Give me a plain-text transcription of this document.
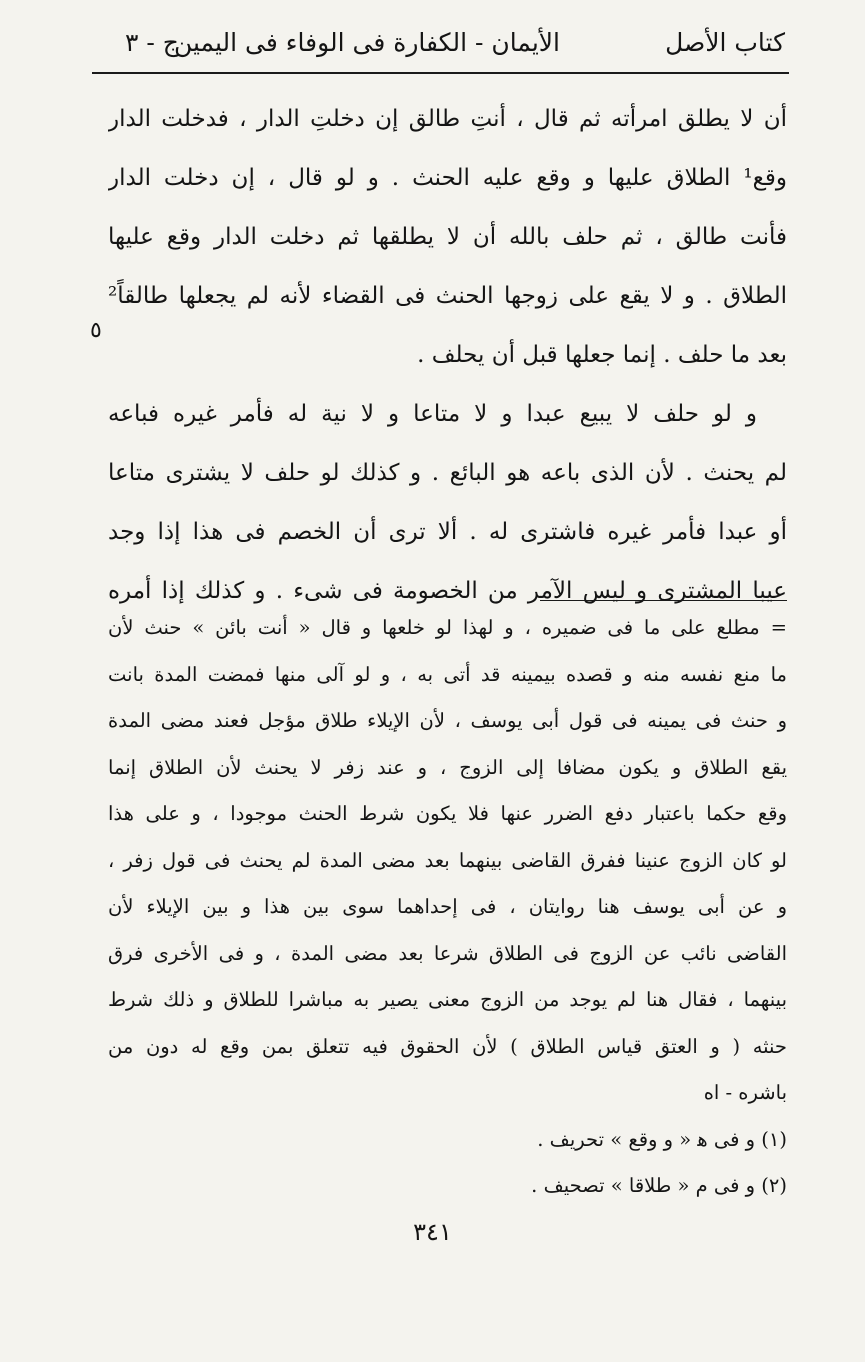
كتاب الأصل
الأيمان - الكفارة فى الوفاء فى اليمين
ج - ٣
٥
أن لا يطلق امرأته ثم قال ، أنتِ طالق إن دخلتِ الدار ، فدخلت الدار
وقع¹ الطلاق عليها و وقع عليه الحنث . و لو قال ، إن دخلت الدار
فأنت طالق ، ثم حلف بالله أن لا يطلقها ثم دخلت الدار وقع عليها
الطلاق . و لا يقع على زوجها الحنث فى القضاء لأنه لم يجعلها طالقاً²
بعد ما حلف . إنما جعلها قبل أن يحلف .
و لو حلف لا يبيع عبدا و لا متاعا و لا نية له فأمر غيره فباعه
لم يحنث . لأن الذى باعه هو البائع . و كذلك لو حلف لا يشترى متاعا
أو عبدا فأمر غيره فاشترى له . ألا ترى أن الخصم فى هذا إذا وجد
عيبا المشترى و ليس الآمر من الخصومة فى شىء . و كذلك إذا أمره
= مطلع على ما فى ضميره ، و لهذا لو خلعها و قال « أنت بائن » حنث لأن
ما منع نفسه منه و قصده بيمينه قد أتى به ، و لو آلى منها فمضت المدة بانت
و حنث فى يمينه فى قول أبى يوسف ، لأن الإيلاء طلاق مؤجل فعند مضى المدة
يقع الطلاق و يكون مضافا إلى الزوج ، و عند زفر لا يحنث لأن الطلاق إنما
وقع حكما باعتبار دفع الضرر عنها فلا يكون شرط الحنث موجودا ، و على هذا
لو كان الزوج عنينا ففرق القاضى بينهما بعد مضى المدة لم يحنث فى قول زفر ،
و عن أبى يوسف هنا روايتان ، فى إحداهما سوى بين هذا و بين الإيلاء لأن
القاضى نائب عن الزوج فى الطلاق شرعا بعد مضى المدة ، و فى الأخرى فرق
بينهما ، فقال هنا لم يوجد من الزوج معنى يصير به مباشرا للطلاق و ذلك شرط
حنثه ( و العتق قياس الطلاق ) لأن الحقوق فيه تتعلق بمن وقع له دون من
باشره - اه
(١) و فى ﻫ « و وقع » تحريف .
(٢) و فى م « طلاقا » تصحيف .
٣٤١
